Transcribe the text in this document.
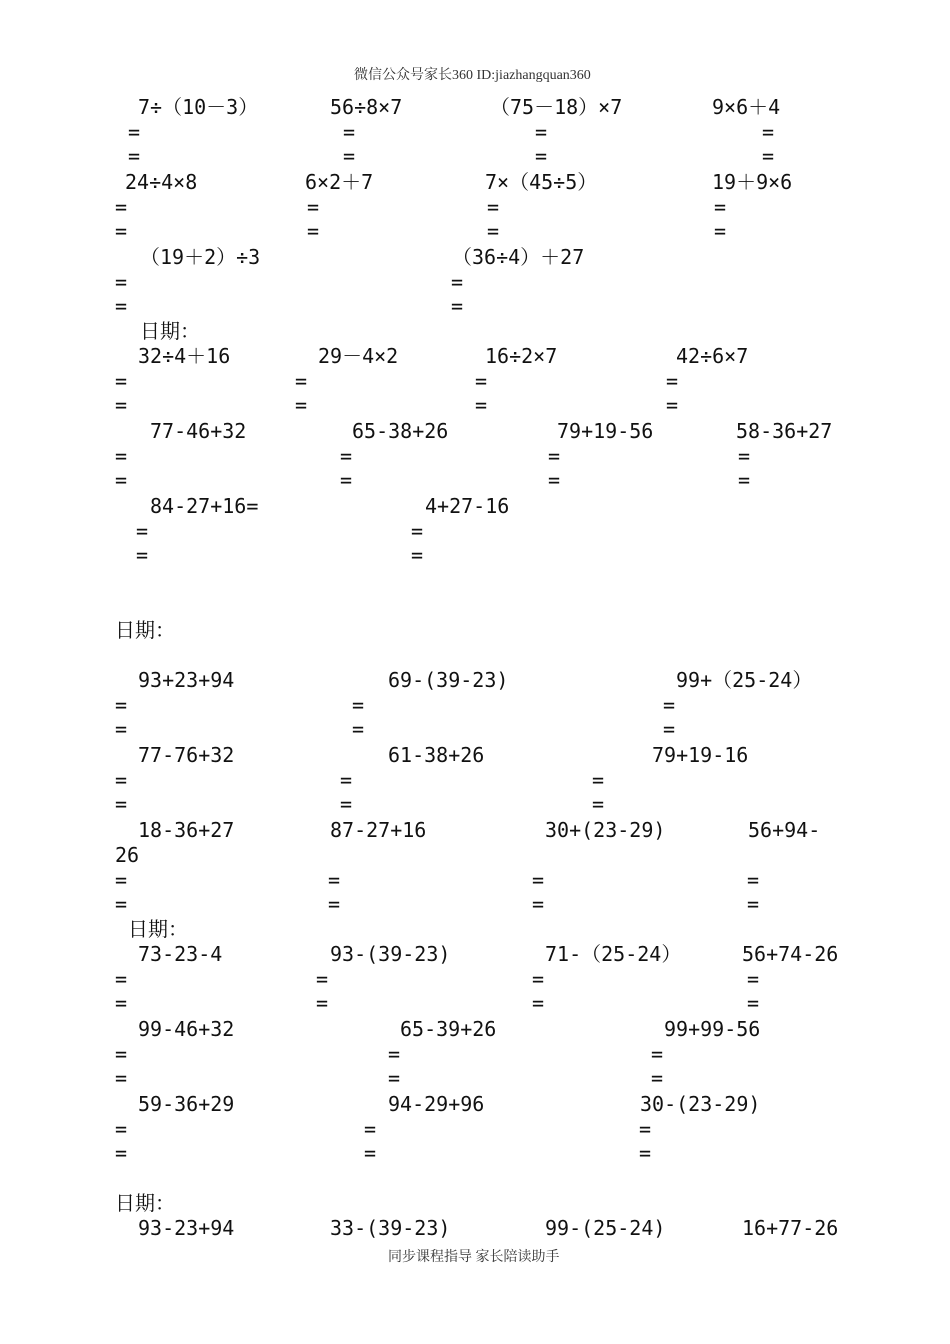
微信公众号家长360 ID:jiazhangquan360
7÷（10－3）	56÷8×7	（75－18）×7	9×6＋4
=
=
=
=
=
=
=
=
24÷4×8	6×2＋7	7×（45÷5）	19＋9×6
=
=
=
=
=
=
=
=
（19＋2）÷3	（36÷4）＋27
=
=
=
=
日期：
32÷4＋16	29－4×2	16÷2×7	42÷6×7
=
=
=
=
=
=
=
=
77-46+32	65-38+26	79+19-56	58-36+27
=
=
=
=
=
=
=
=
84-27+16=	4+27-16
=
=
=
=
日期：
93+23+94	69-(39-23)	99+（25-24）
=
=
=
=
=
=
77-76+32	61-38+26	79+19-16
=
=
=
=
=
=
18-36+27	87-27+16	30+(23-29)	56+94-
26
=
=
=
=
=
=
=
=
日期：
73-23-4	93-(39-23)	71-（25-24）	56+74-26
=
=
=
=
=
=
=
=
99-46+32	65-39+26	99+99-56
=
=
=
=
=
=
59-36+29	94-29+96	30-(23-29)
=
=
=
=
=
=
日期：
93-23+94	33-(39-23)	99-(25-24)	16+77-26
同步课程指导 家长陪读助手
